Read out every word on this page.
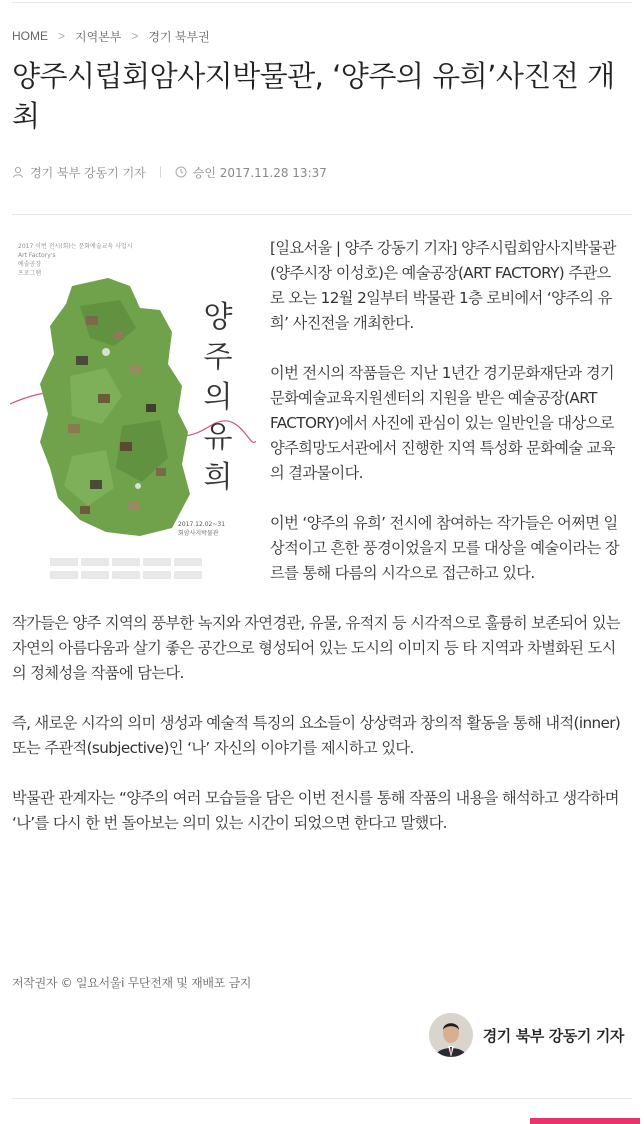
HOME > 지역본부 > 경기 북부권
양주시립회암사지박물관, ‘양주의 유희’사진전 개최
경기 북부 강동기 기자	승인 2017.11.28 13:37

[일요서울 | 양주 강동기 기자] 양주시립회암사지박물관(양주시장 이성호)은 예술공장(ART FACTORY) 주관으로 오는 12월 2일부터 박물관 1층 로비에서 ‘양주의 유희’ 사진전을 개최한다.

이번 전시의 작품들은 지난 1년간 경기문화재단과 경기문화예술교육지원센터의 지원을 받은 예술공장(ART FACTORY)에서 사진에 관심이 있는 일반인을 대상으로 양주희망도서관에서 진행한 지역 특성화 문화예술 교육의 결과물이다.

이번 ‘양주의 유희’ 전시에 참여하는 작가들은 어쩌면 일상적이고 흔한 풍경이었을지 모를 대상을 예술이라는 장르를 통해 다름의 시각으로 접근하고 있다.

작가들은 양주 지역의 풍부한 녹지와 자연경관, 유물, 유적지 등 시각적으로 훌륭히 보존되어 있는 자연의 아름다움과 살기 좋은 공간으로 형성되어 있는 도시의 이미지 등 타 지역과 차별화된 도시의 정체성을 작품에 담는다.

즉, 새로운 시각의 의미 생성과 예술적 특징의 요소들이 상상력과 창의적 활동을 통해 내적(inner) 또는 주관적(subjective)인 ‘나’ 자신의 이야기를 제시하고 있다.

박물관 관계자는 “양주의 여러 모습들을 담은 이번 전시를 통해 작품의 내용을 해석하고 생각하며 ‘나’를 다시 한 번 돌아보는 의미 있는 시간이 되었으면 한다고 말했다.

2017 이번 전시(회)는 문화예술교육 사업시
Art Factory's
예술공장
프로그램
양주의 유희
2017.12.02~31
회암사지박물관
저작권자 © 일요서울i 무단전재 및 재배포 금지
경기 북부 강동기 기자
